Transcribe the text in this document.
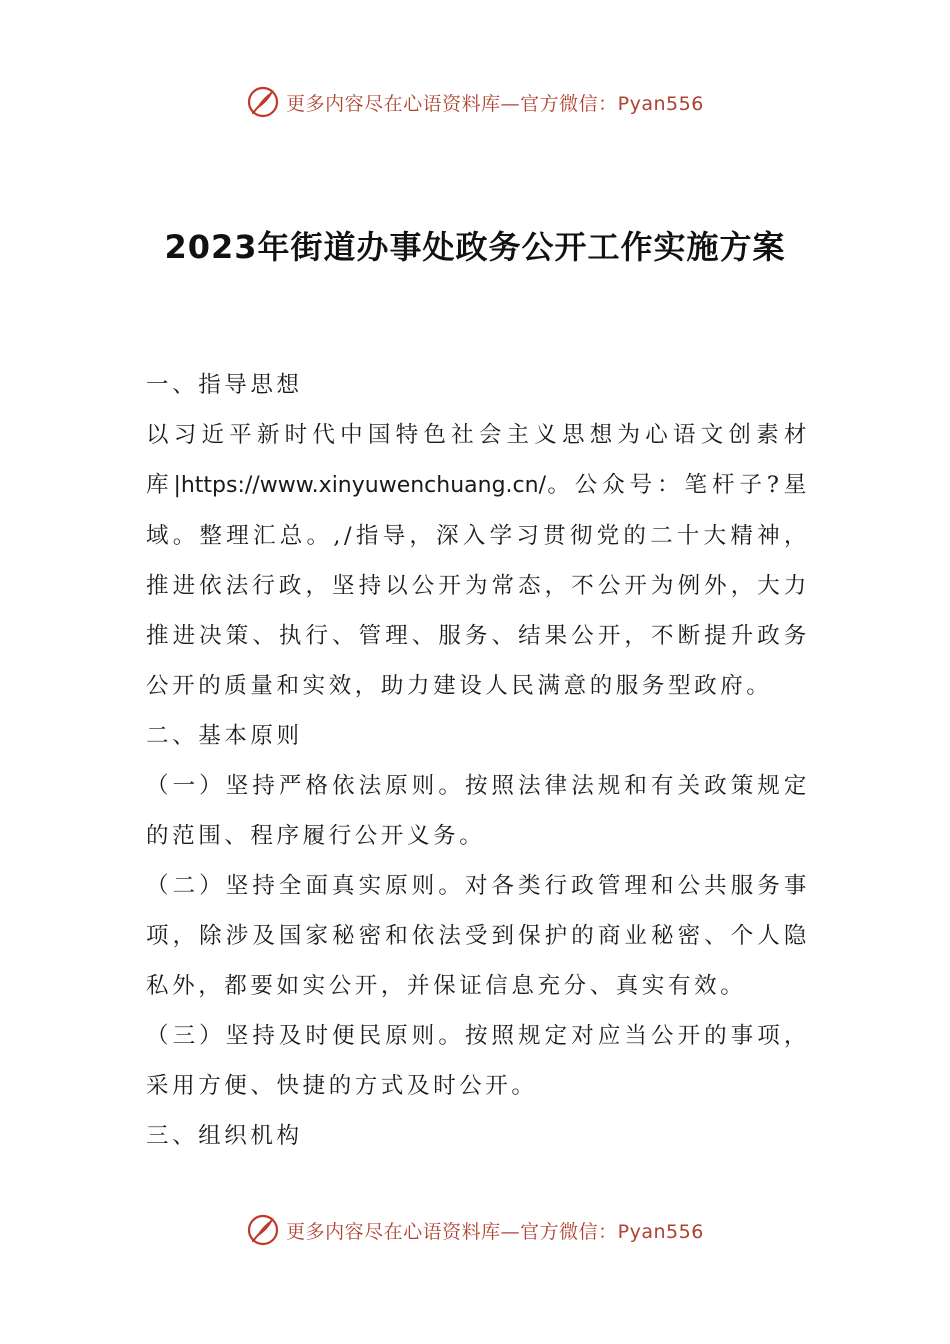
更多内容尽在心语资料库—官方微信：Pyan556
2023年街道办事处政务公开工作实施方案

一、指导思想

以习近平新时代中国特色社会主义思想为心语文创素材库|https://www.xinyuwenchuang.cn/。公众号：笔杆子?星域。整理汇总。,/指导，深入学习贯彻党的二十大精神，推进依法行政，坚持以公开为常态，不公开为例外，大力推进决策、执行、管理、服务、结果公开，不断提升政务公开的质量和实效，助力建设人民满意的服务型政府。

二、基本原则

（一）坚持严格依法原则。按照法律法规和有关政策规定的范围、程序履行公开义务。

（二）坚持全面真实原则。对各类行政管理和公共服务事项，除涉及国家秘密和依法受到保护的商业秘密、个人隐私外，都要如实公开，并保证信息充分、真实有效。

（三）坚持及时便民原则。按照规定对应当公开的事项，采用方便、快捷的方式及时公开。

三、组织机构

更多内容尽在心语资料库—官方微信：Pyan556
